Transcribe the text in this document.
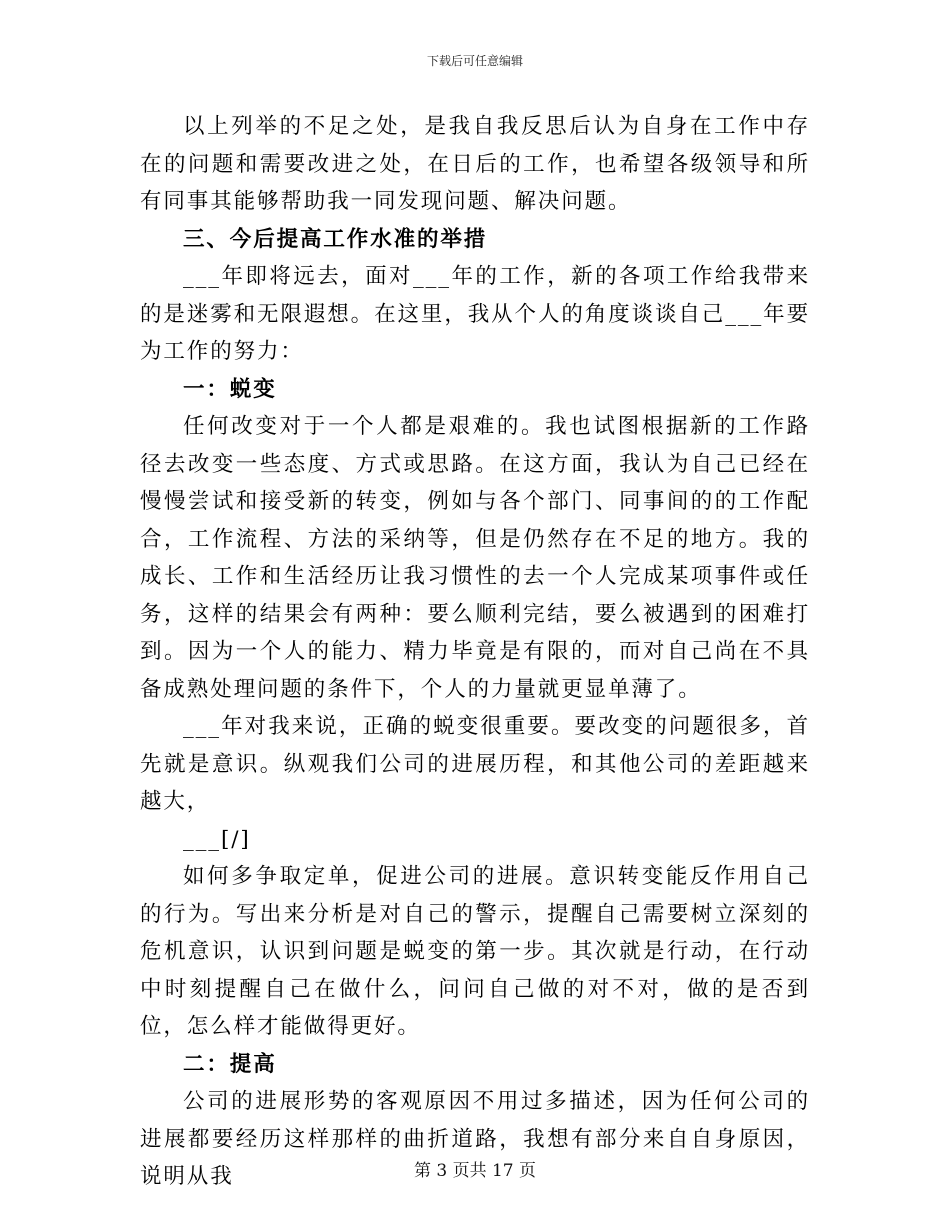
下载后可任意编辑

以上列举的不足之处，是我自我反思后认为自身在工作中存在的问题和需要改进之处，在日后的工作，也希望各级领导和所有同事其能够帮助我一同发现问题、解决问题。

三、今后提高工作水准的举措

___年即将远去，面对___年的工作，新的各项工作给我带来的是迷雾和无限遐想。在这里，我从个人的角度谈谈自己___年要为工作的努力：

一：蜕变

任何改变对于一个人都是艰难的。我也试图根据新的工作路径去改变一些态度、方式或思路。在这方面，我认为自己已经在慢慢尝试和接受新的转变，例如与各个部门、同事间的的工作配合，工作流程、方法的采纳等，但是仍然存在不足的地方。我的成长、工作和生活经历让我习惯性的去一个人完成某项事件或任务，这样的结果会有两种：要么顺利完结，要么被遇到的困难打到。因为一个人的能力、精力毕竟是有限的，而对自己尚在不具备成熟处理问题的条件下，个人的力量就更显单薄了。

___年对我来说，正确的蜕变很重要。要改变的问题很多，首先就是意识。纵观我们公司的进展历程，和其他公司的差距越来越大，

___[/]

如何多争取定单，促进公司的进展。意识转变能反作用自己的行为。写出来分析是对自己的警示，提醒自己需要树立深刻的危机意识，认识到问题是蜕变的第一步。其次就是行动，在行动中时刻提醒自己在做什么，问问自己做的对不对，做的是否到位，怎么样才能做得更好。

二：提高

公司的进展形势的客观原因不用过多描述，因为任何公司的进展都要经历这样那样的曲折道路，我想有部分来自自身原因，说明从我	第 3 页共 17 页
